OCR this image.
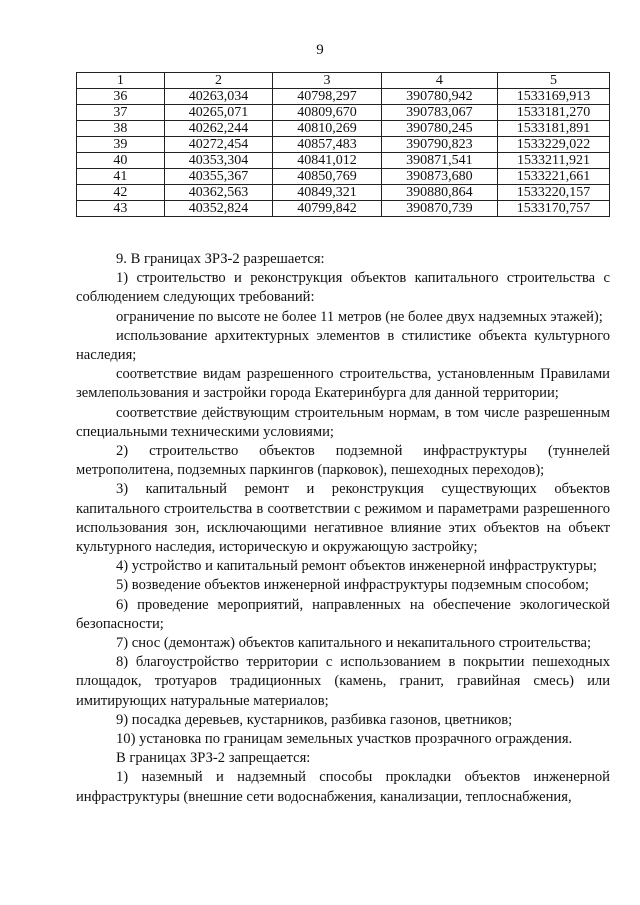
9
1	2	3	4	5
36	40263,034	40798,297	390780,942	1533169,913
37	40265,071	40809,670	390783,067	1533181,270
38	40262,244	40810,269	390780,245	1533181,891
39	40272,454	40857,483	390790,823	1533229,022
40	40353,304	40841,012	390871,541	1533211,921
41	40355,367	40850,769	390873,680	1533221,661
42	40362,563	40849,321	390880,864	1533220,157
43	40352,824	40799,842	390870,739	1533170,757

9. В границах ЗРЗ-2 разрешается:

1) строительство и реконструкция объектов капитального строительства с соблюдением следующих требований:

ограничение по высоте не более 11 метров (не более двух надземных этажей);

использование архитектурных элементов в стилистике объекта культурного наследия;

соответствие видам разрешенного строительства, установленным Правилами землепользования и застройки города Екатеринбурга для данной территории;

соответствие действующим строительным нормам, в том числе разрешенным специальными техническими условиями;

2) строительство объектов подземной инфраструктуры (туннелей метрополитена, подземных паркингов (парковок), пешеходных переходов);

3) капитальный ремонт и реконструкция существующих объектов капитального строительства в соответствии с режимом и параметрами разрешенного использования зон, исключающими негативное влияние этих объектов на объект культурного наследия, историческую и окружающую застройку;

4) устройство и капитальный ремонт объектов инженерной инфраструктуры;

5) возведение объектов инженерной инфраструктуры подземным способом;

6) проведение мероприятий, направленных на обеспечение экологической безопасности;

7) снос (демонтаж) объектов капитального и некапитального строительства;

8) благоустройство территории с использованием в покрытии пешеходных площадок, тротуаров традиционных (камень, гранит, гравийная смесь) или имитирующих натуральные материалов;

9) посадка деревьев, кустарников, разбивка газонов, цветников;

10) установка по границам земельных участков прозрачного ограждения.

В границах ЗРЗ-2 запрещается:

1) наземный и надземный способы прокладки объектов инженерной инфраструктуры (внешние сети водоснабжения, канализации, теплоснабжения,
